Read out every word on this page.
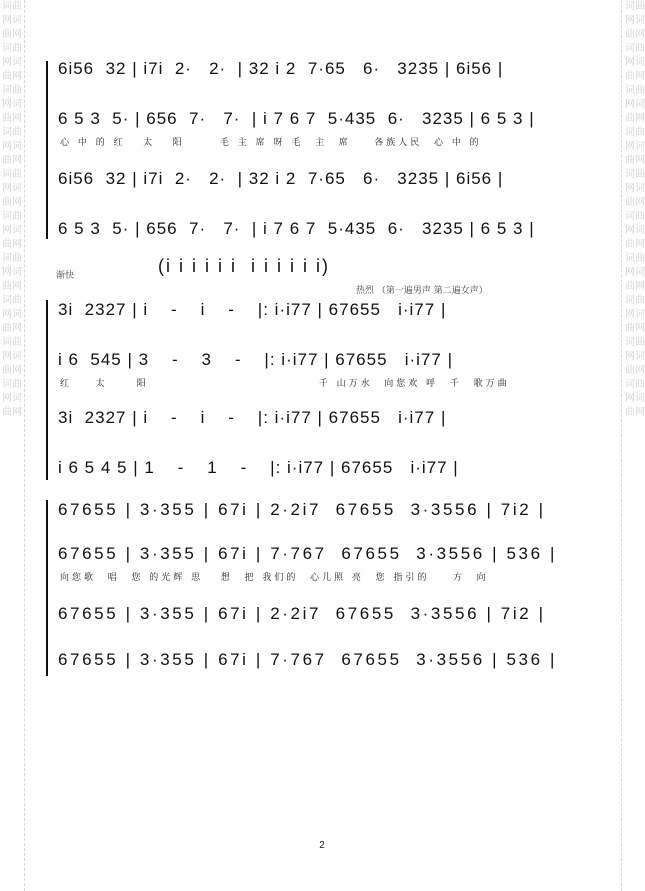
词曲网词曲网词曲网词曲网词曲网词曲网词曲网词曲网词曲网词曲网词曲网词曲网词曲网词曲网词曲网词曲网词曲网词曲网词曲网词曲网
词曲网词曲网词曲网词曲网词曲网词曲网词曲网词曲网词曲网词曲网词曲网词曲网词曲网词曲网词曲网词曲网词曲网词曲网词曲网词曲网
6i56  32 | i7i  2·   2·  | 32 i 2  7·65   6·   3235 | 6i56 |
6 5 3  5· | 656  7·   7·  | i 7 6 7  5·435  6·   3235 | 6 5 3 |
心 中 的 红   太   阳      毛 主 席 呀 毛  主  席    各族人民  心 中 的
6i56  32 | i7i  2·   2·  | 32 i 2  7·65   6·   3235 | 6i56 |
6 5 3  5· | 656  7·   7·  | i 7 6 7  5·435  6·   3235 | 6 5 3 |
(i i i i i i  i i i i i i)
渐快
热烈 （第一遍男声 第二遍女声）
3i  2327 | i    -    i    -    |: i·i77 | 67655   i·i77 |
i 6  545 | 3    -    3    -    |: i·i77 | 67655   i·i77 |
红    太     阳                             千 山万水  向您欢 呼  千  歌万曲
3i  2327 | i    -    i    -    |: i·i77 | 67655   i·i77 |
i 6 5 4 5 | 1    -    1    -    |: i·i77 | 67655   i·i77 |
67655 | 3·355 | 67i | 2·2i7  67655  3·3556 | 7i2 |
67655 | 3·355 | 67i | 7·767  67655  3·3556 | 536 |
向您歌  唱  您 的光辉 思   想  把 我们的  心儿照 亮  您 指引的    方  向
67655 | 3·355 | 67i | 2·2i7  67655  3·3556 | 7i2 |
67655 | 3·355 | 67i | 7·767  67655  3·3556 | 536 |
2
